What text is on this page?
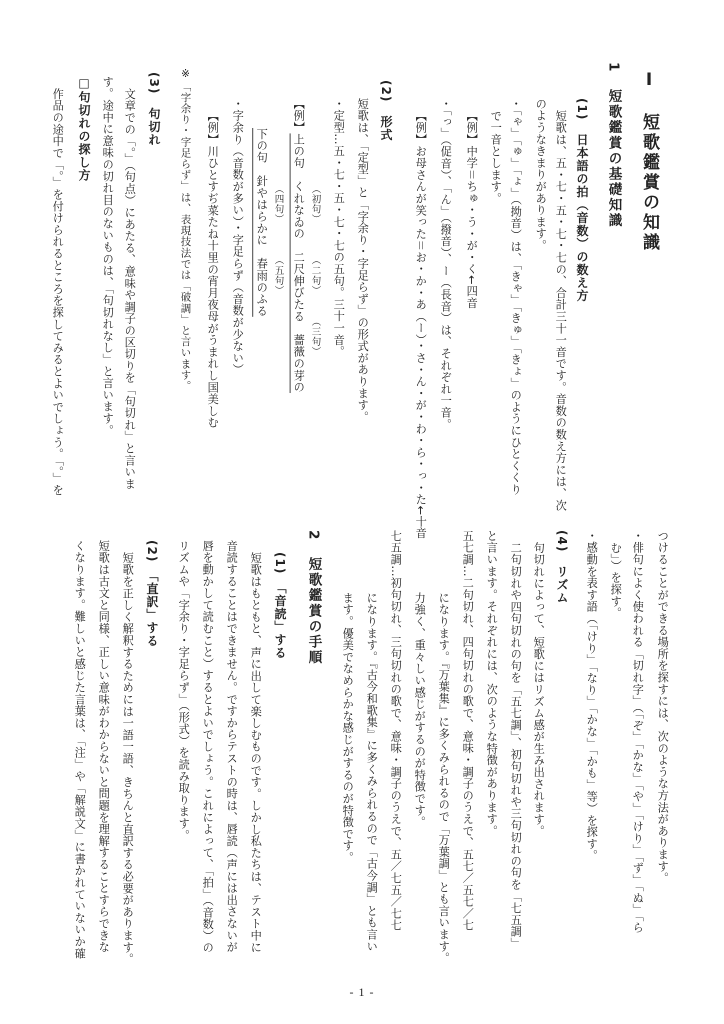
Ⅰ　短歌鑑賞の知識
1　短歌鑑賞の基礎知識
(1)　日本語の拍（音数）の数え方
短歌は、五・七・五・七・七の、合計三十一音です。音数の数え方には、次
のようなきまりがあります。
・「ゃ」「ゅ」「ょ」（拗音）は、「きゃ」「きゅ」「きょ」のようにひとくくり
で一音とします。
【例】中学＝ちゅ・う・が・く←四音
・「っ」（促音）、「ん」（撥音）、ー（長音）は、それぞれ一音。
【例】お母さんが笑った＝お・か・あ（ー）・さ・ん・が・わ・ら・っ・た←十音
(2)　形式
短歌は、「定型」と「字余り・字足らず」の形式があります。
・定型…五・七・五・七・七の五句。三十一音。
（初句）　　　　（二句）　　　（三句）
【例】上の句　くれなゐの　二尺伸びたる　薔薇の芽の
（四句）　　　　（五句）
下の句　針やはらかに　春雨のふる
・字余り（音数が多い）・字足らず（音数が少ない）
【例】川ひとすぢ菜たね十里の宵月夜母がうまれし国美しむ
※「字余り・字足らず」は、表現技法では「破調」と言います。
(3)　句切れ
文章での「。」（句点）にあたる、意味や調子の区切りを「句切れ」と言いま
す。途中に意味の切れ目のないものは、「句切れなし」と言います。
□句切れの探し方
作品の途中で「。」を付けられるところを探してみるとよいでしょう。「。」を
つけることができる場所を探すには、次のような方法があります。
・俳句によく使われる「切れ字」（「ぞ」「かな」「や」「けり」「ず」「ぬ」「ら
む」）を探す。
・感動を表す語（「けり」「なり」「かな」「かも」等）を探す。
(4)　リズム
句切れによって、短歌にはリズム感が生み出されます。
二句切れや四句切れの句を「五七調」、初句切れや三句切れの句を「七五調」
と言います。それぞれには、次のような特徴があります。
五七調…二句切れ、四句切れの歌で、意味・調子のうえで、五七／五七／七
になります。『万葉集』に多くみられるので「万葉調」とも言います。
力強く、重々しい感じがするのが特徴です。
七五調…初句切れ、三句切れの歌で、意味・調子のうえで、五／七五／七七
になります。『古今和歌集』に多くみられるので「古今調」とも言い
ます。優美でなめらかな感じがするのが特徴です。
2　短歌鑑賞の手順
(1)　「音読」する
短歌はもともと、声に出して楽しむものです。しかし私たちは、テスト中に
音読することはできません。ですからテストの時は、唇読（声には出さないが
唇を動かして読むこと）するとよいでしょう。これによって、「拍」（音数）の
リズムや「字余り・字足らず」（形式）を読み取ります。
(2)　「直訳」する
短歌を正しく解釈するためには一語一語、きちんと直訳する必要があります。
短歌は古文と同様、正しい意味がわからないと問題を理解することすらできな
くなります。難しいと感じた言葉は、「注」や「解説文」に書かれていないか確
- 1 -
